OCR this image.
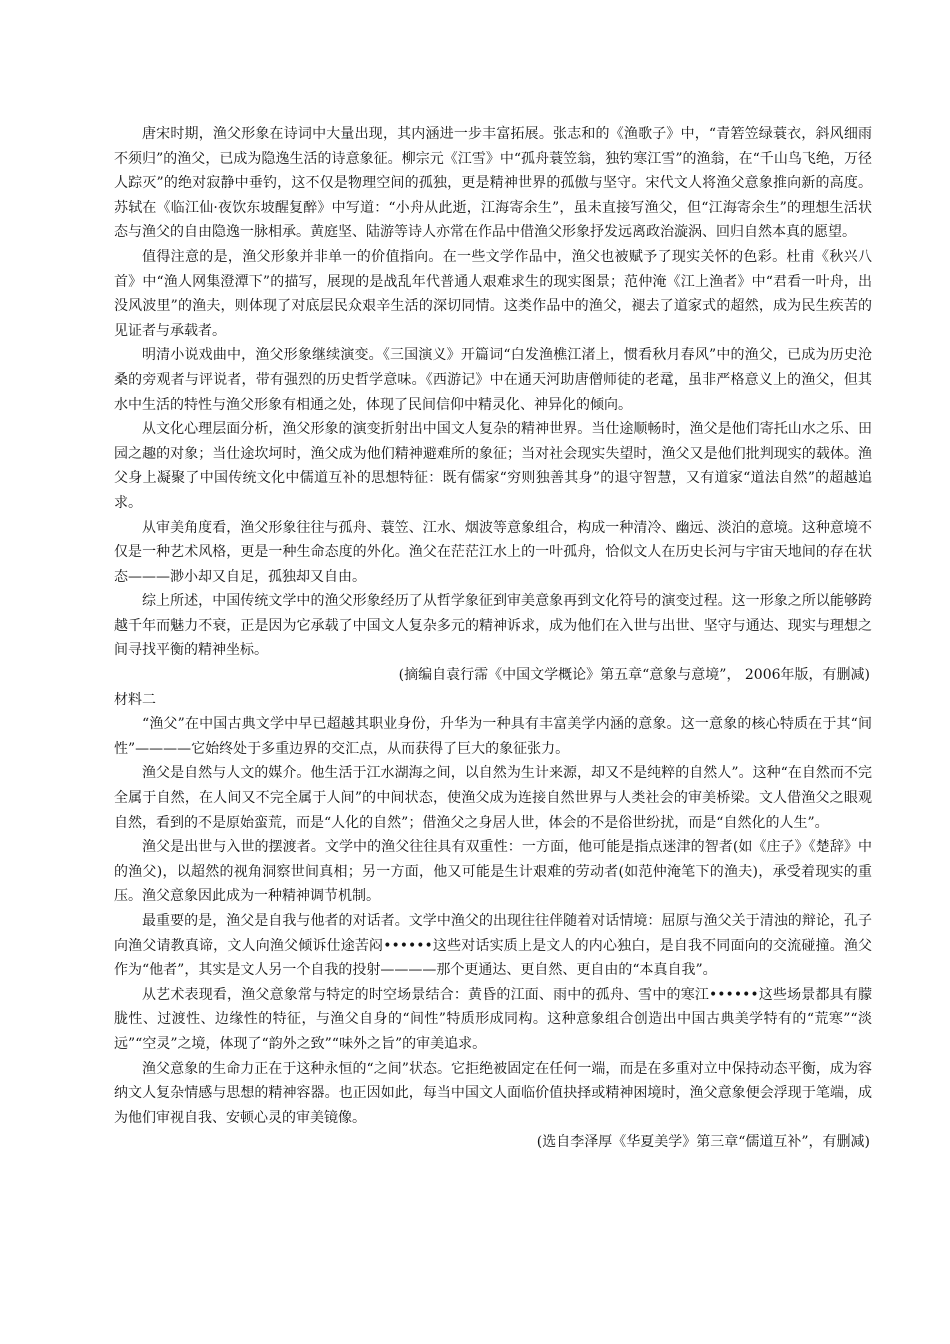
唐宋时期，渔父形象在诗词中大量出现，其内涵进一步丰富拓展。张志和的《渔歌子》中，“青箬笠绿蓑衣，斜风细雨不须归”的渔父，已成为隐逸生活的诗意象征。柳宗元《江雪》中“孤舟蓑笠翁，独钓寒江雪”的渔翁，在“千山鸟飞绝，万径人踪灭”的绝对寂静中垂钓，这不仅是物理空间的孤独，更是精神世界的孤傲与坚守。宋代文人将渔父意象推向新的高度。苏轼在《临江仙·夜饮东坡醒复醉》中写道：“小舟从此逝，江海寄余生”，虽未直接写渔父，但“江海寄余生”的理想生活状态与渔父的自由隐逸一脉相承。黄庭坚、陆游等诗人亦常在作品中借渔父形象抒发远离政治漩涡、回归自然本真的愿望。

值得注意的是，渔父形象并非单一的价值指向。在一些文学作品中，渔父也被赋予了现实关怀的色彩。杜甫《秋兴八首》中“渔人网集澄潭下”的描写，展现的是战乱年代普通人艰难求生的现实图景；范仲淹《江上渔者》中“君看一叶舟，出没风波里”的渔夫，则体现了对底层民众艰辛生活的深切同情。这类作品中的渔父，褪去了道家式的超然，成为民生疾苦的见证者与承载者。

明清小说戏曲中，渔父形象继续演变。《三国演义》开篇词“白发渔樵江渚上，惯看秋月春风”中的渔父，已成为历史沧桑的旁观者与评说者，带有强烈的历史哲学意味。《西游记》中在通天河助唐僧师徒的老鼋，虽非严格意义上的渔父，但其水中生活的特性与渔父形象有相通之处，体现了民间信仰中精灵化、神异化的倾向。

从文化心理层面分析，渔父形象的演变折射出中国文人复杂的精神世界。当仕途顺畅时，渔父是他们寄托山水之乐、田园之趣的对象；当仕途坎坷时，渔父成为他们精神避难所的象征；当对社会现实失望时，渔父又是他们批判现实的载体。渔父身上凝聚了中国传统文化中儒道互补的思想特征：既有儒家“穷则独善其身”的退守智慧，又有道家“道法自然”的超越追求。

从审美角度看，渔父形象往往与孤舟、蓑笠、江水、烟波等意象组合，构成一种清冷、幽远、淡泊的意境。这种意境不仅是一种艺术风格，更是一种生命态度的外化。渔父在茫茫江水上的一叶孤舟，恰似文人在历史长河与宇宙天地间的存在状态———渺小却又自足，孤独却又自由。

综上所述，中国传统文学中的渔父形象经历了从哲学象征到审美意象再到文化符号的演变过程。这一形象之所以能够跨越千年而魅力不衰，正是因为它承载了中国文人复杂多元的精神诉求，成为他们在入世与出世、坚守与通达、现实与理想之间寻找平衡的精神坐标。

(摘编自袁行霈《中国文学概论》第五章“意象与意境”， 2006年版，有删减)

材料二

“渔父”在中国古典文学中早已超越其职业身份，升华为一种具有丰富美学内涵的意象。这一意象的核心特质在于其“间性”————它始终处于多重边界的交汇点，从而获得了巨大的象征张力。

渔父是自然与人文的媒介。他生活于江水湖海之间，以自然为生计来源，却又不是纯粹的自然人”。这种“在自然而不完全属于自然，在人间又不完全属于人间”的中间状态，使渔父成为连接自然世界与人类社会的审美桥梁。文人借渔父之眼观自然，看到的不是原始蛮荒，而是“人化的自然”；借渔父之身居人世，体会的不是俗世纷扰，而是“自然化的人生”。

渔父是出世与入世的摆渡者。文学中的渔父往往具有双重性：一方面，他可能是指点迷津的智者(如《庄子》《楚辞》中的渔父)，以超然的视角洞察世间真相；另一方面，他又可能是生计艰难的劳动者(如范仲淹笔下的渔夫)，承受着现实的重压。渔父意象因此成为一种精神调节机制。

最重要的是，渔父是自我与他者的对话者。文学中渔父的出现往往伴随着对话情境：屈原与渔父关于清浊的辩论，孔子向渔父请教真谛，文人向渔父倾诉仕途苦闷••••••这些对话实质上是文人的内心独白，是自我不同面向的交流碰撞。渔父作为“他者”，其实是文人另一个自我的投射————那个更通达、更自然、更自由的“本真自我”。

从艺术表现看，渔父意象常与特定的时空场景结合：黄昏的江面、雨中的孤舟、雪中的寒江••••••这些场景都具有朦胧性、过渡性、边缘性的特征，与渔父自身的“间性”特质形成同构。这种意象组合创造出中国古典美学特有的“荒寒”“淡远”“空灵”之境，体现了“韵外之致”“味外之旨”的审美追求。

渔父意象的生命力正在于这种永恒的“之间”状态。它拒绝被固定在任何一端，而是在多重对立中保持动态平衡，成为容纳文人复杂情感与思想的精神容器。也正因如此，每当中国文人面临价值抉择或精神困境时，渔父意象便会浮现于笔端，成为他们审视自我、安顿心灵的审美镜像。

(选自李泽厚《华夏美学》第三章“儒道互补”，有删减)
